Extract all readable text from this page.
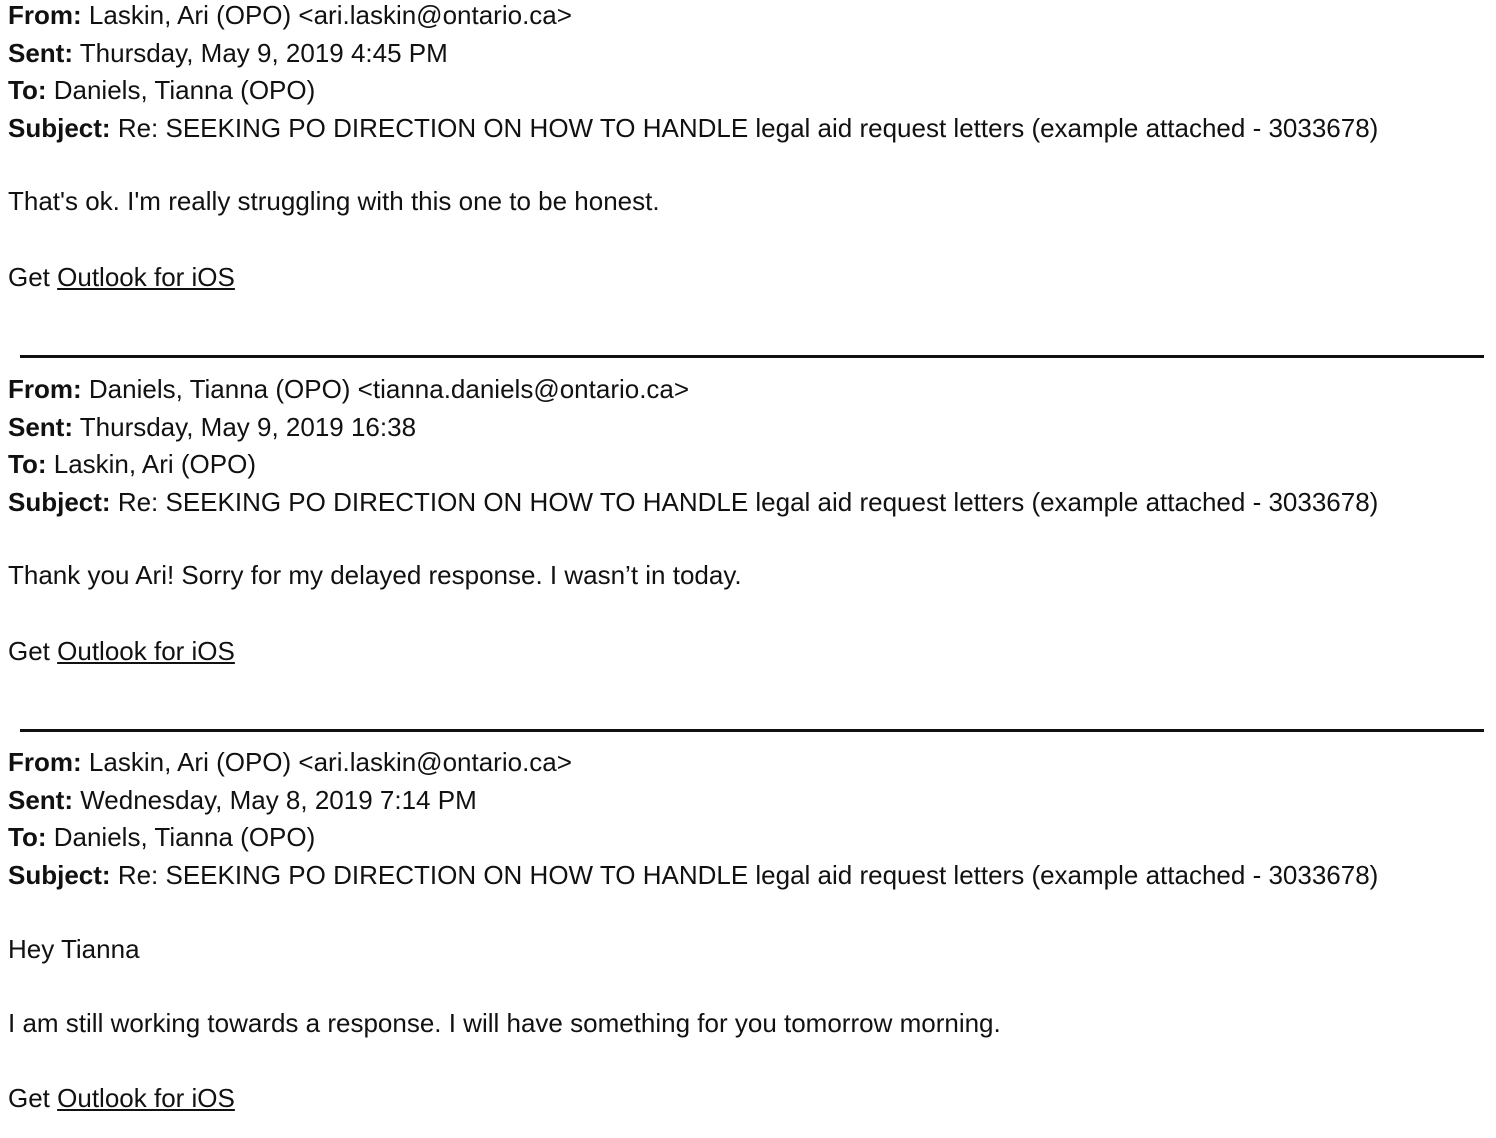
From: Laskin, Ari (OPO) <ari.laskin@ontario.ca>
Sent: Thursday, May 9, 2019 4:45 PM
To: Daniels, Tianna (OPO)
Subject: Re: SEEKING PO DIRECTION ON HOW TO HANDLE legal aid request letters (example attached - 3033678)
That's ok. I'm really struggling with this one to be honest.
Get Outlook for iOS
From: Daniels, Tianna (OPO) <tianna.daniels@ontario.ca>
Sent: Thursday, May 9, 2019 16:38
To: Laskin, Ari (OPO)
Subject: Re: SEEKING PO DIRECTION ON HOW TO HANDLE legal aid request letters (example attached - 3033678)
Thank you Ari! Sorry for my delayed response. I wasn’t in today.
Get Outlook for iOS
From: Laskin, Ari (OPO) <ari.laskin@ontario.ca>
Sent: Wednesday, May 8, 2019 7:14 PM
To: Daniels, Tianna (OPO)
Subject: Re: SEEKING PO DIRECTION ON HOW TO HANDLE legal aid request letters (example attached - 3033678)
Hey Tianna
I am still working towards a response. I will have something for you tomorrow morning.
Get Outlook for iOS
